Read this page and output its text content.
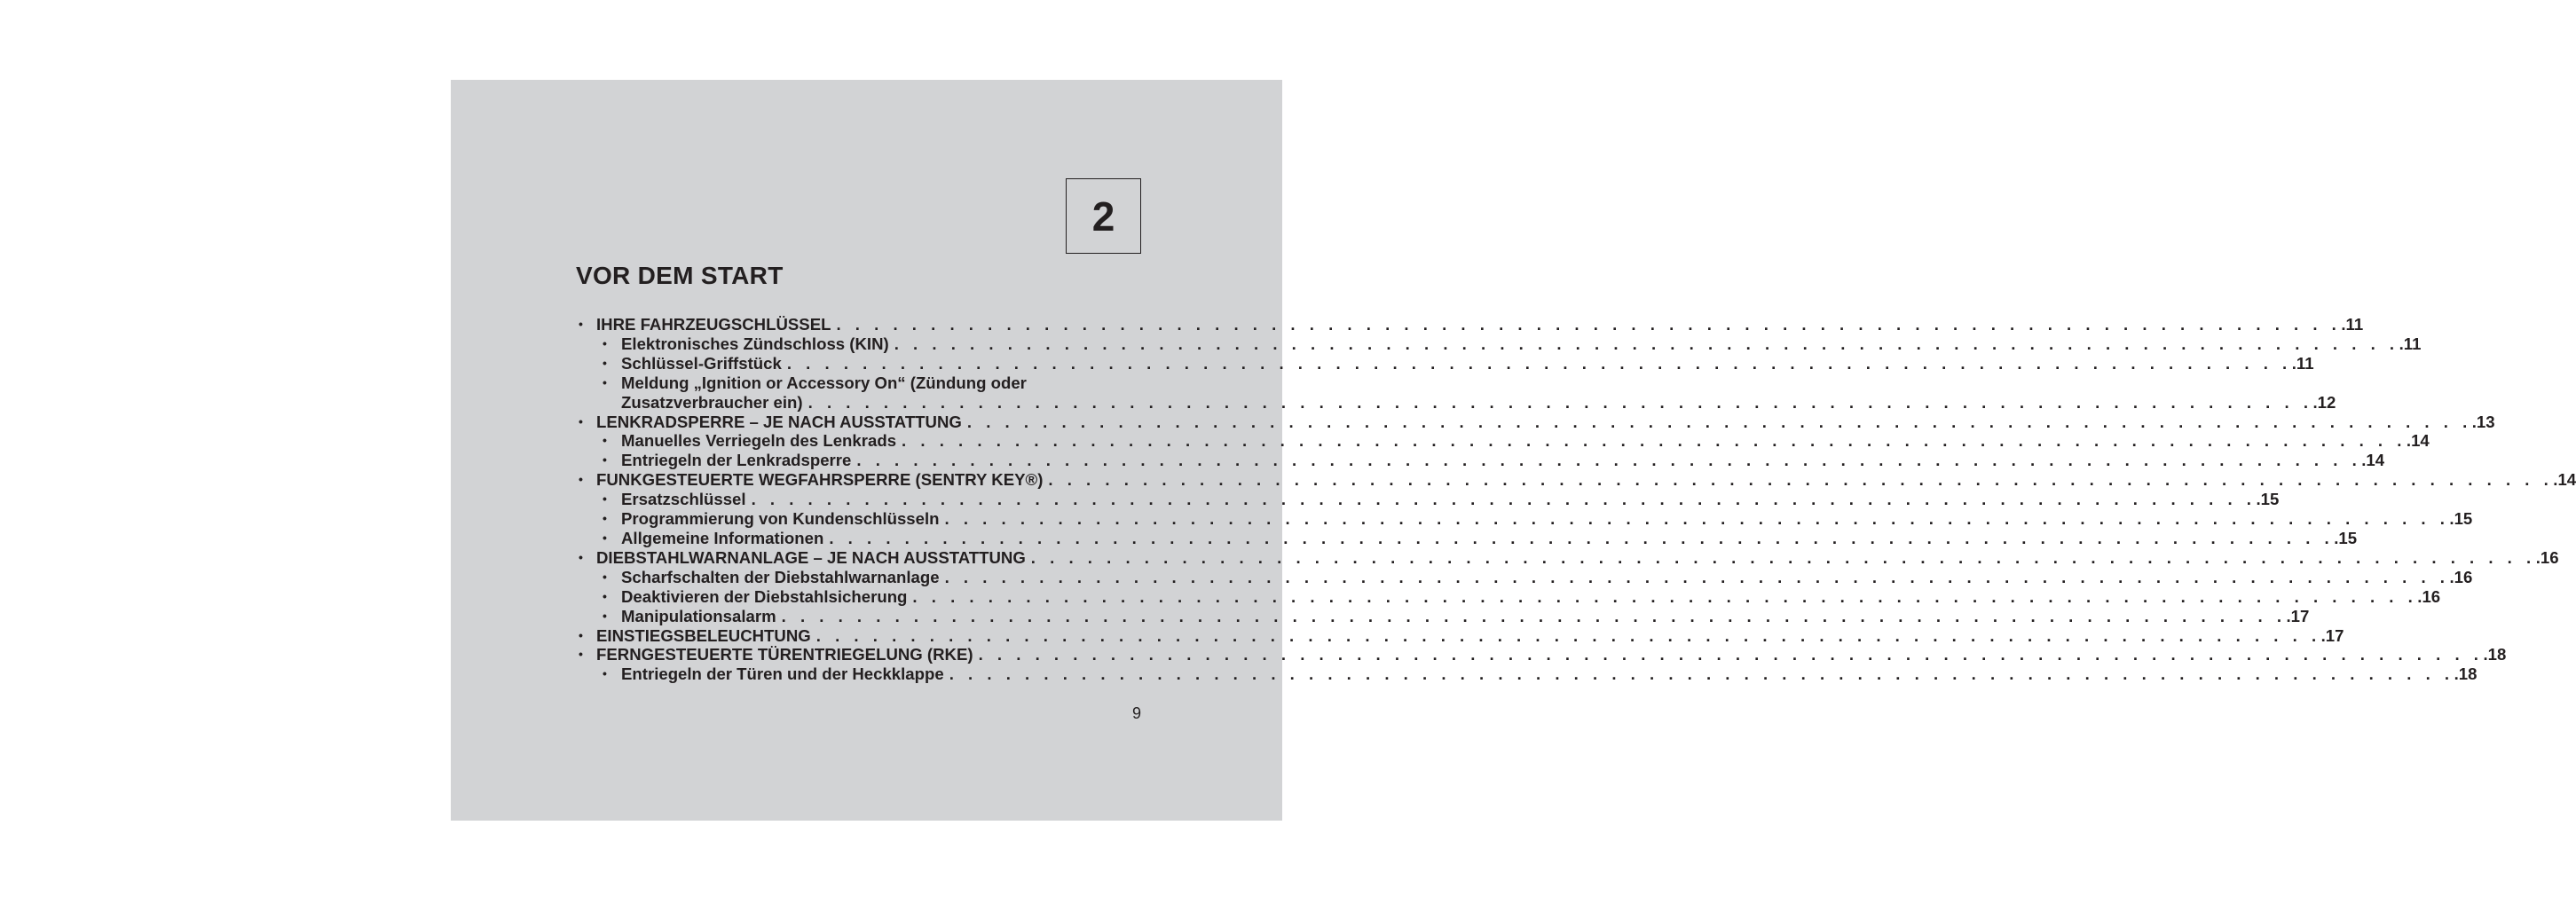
2
VOR DEM START
• IHRE FAHRZEUGSCHLÜSSEL . . . . . . . . . . . . . . . . . . . . . . . . . . . . . . . . . . . . . . . . . . . . . . . . . . . . . . . . . . . . . . . . . . . . . . . . . . . . . . . . .11
• Elektronisches Zündschloss (KIN) . . . . . . . . . . . . . . . . . . . . . . . . . . . . . . . . . . . . . . . . . . . . . . . . . . . . . . . . . . . . . . . . . . . . . . . . . . . . . . . . .11
• Schlüssel-Griffstück . . . . . . . . . . . . . . . . . . . . . . . . . . . . . . . . . . . . . . . . . . . . . . . . . . . . . . . . . . . . . . . . . . . . . . . . . . . . . . . . .11
• Meldung „Ignition or Accessory On“ (Zündung oder
Zusatzverbraucher ein) . . . . . . . . . . . . . . . . . . . . . . . . . . . . . . . . . . . . . . . . . . . . . . . . . . . . . . . . . . . . . . . . . . . . . . . . . . . . . . . . .12
• LENKRADSPERRE – JE NACH AUSSTATTUNG . . . . . . . . . . . . . . . . . . . . . . . . . . . . . . . . . . . . . . . . . . . . . . . . . . . . . . . . . . . . . . . . . . . . . . . . . . . . . . . . .13
• Manuelles Verriegeln des Lenkrads . . . . . . . . . . . . . . . . . . . . . . . . . . . . . . . . . . . . . . . . . . . . . . . . . . . . . . . . . . . . . . . . . . . . . . . . . . . . . . . . .14
• Entriegeln der Lenkradsperre . . . . . . . . . . . . . . . . . . . . . . . . . . . . . . . . . . . . . . . . . . . . . . . . . . . . . . . . . . . . . . . . . . . . . . . . . . . . . . . . .14
• FUNKGESTEUERTE WEGFAHRSPERRE (SENTRY KEY®) . . . . . . . . . . . . . . . . . . . . . . . . . . . . . . . . . . . . . . . . . . . . . . . . . . . . . . . . . . . . . . . . . . . . . . . . . . . . . . . . .14
• Ersatzschlüssel . . . . . . . . . . . . . . . . . . . . . . . . . . . . . . . . . . . . . . . . . . . . . . . . . . . . . . . . . . . . . . . . . . . . . . . . . . . . . . . . .15
• Programmierung von Kundenschlüsseln . . . . . . . . . . . . . . . . . . . . . . . . . . . . . . . . . . . . . . . . . . . . . . . . . . . . . . . . . . . . . . . . . . . . . . . . . . . . . . . . .15
• Allgemeine Informationen . . . . . . . . . . . . . . . . . . . . . . . . . . . . . . . . . . . . . . . . . . . . . . . . . . . . . . . . . . . . . . . . . . . . . . . . . . . . . . . . .15
• DIEBSTAHLWARNANLAGE – JE NACH AUSSTATTUNG . . . . . . . . . . . . . . . . . . . . . . . . . . . . . . . . . . . . . . . . . . . . . . . . . . . . . . . . . . . . . . . . . . . . . . . . . . . . . . . . .16
• Scharfschalten der Diebstahlwarnanlage . . . . . . . . . . . . . . . . . . . . . . . . . . . . . . . . . . . . . . . . . . . . . . . . . . . . . . . . . . . . . . . . . . . . . . . . . . . . . . . . .16
• Deaktivieren der Diebstahlsicherung . . . . . . . . . . . . . . . . . . . . . . . . . . . . . . . . . . . . . . . . . . . . . . . . . . . . . . . . . . . . . . . . . . . . . . . . . . . . . . . . .16
• Manipulationsalarm . . . . . . . . . . . . . . . . . . . . . . . . . . . . . . . . . . . . . . . . . . . . . . . . . . . . . . . . . . . . . . . . . . . . . . . . . . . . . . . . .17
• EINSTIEGSBELEUCHTUNG . . . . . . . . . . . . . . . . . . . . . . . . . . . . . . . . . . . . . . . . . . . . . . . . . . . . . . . . . . . . . . . . . . . . . . . . . . . . . . . . .17
• FERNGESTEUERTE TÜRENTRIEGELUNG (RKE) . . . . . . . . . . . . . . . . . . . . . . . . . . . . . . . . . . . . . . . . . . . . . . . . . . . . . . . . . . . . . . . . . . . . . . . . . . . . . . . . .18
• Entriegeln der Türen und der Heckklappe . . . . . . . . . . . . . . . . . . . . . . . . . . . . . . . . . . . . . . . . . . . . . . . . . . . . . . . . . . . . . . . . . . . . . . . . . . . . . . . . .18
9
